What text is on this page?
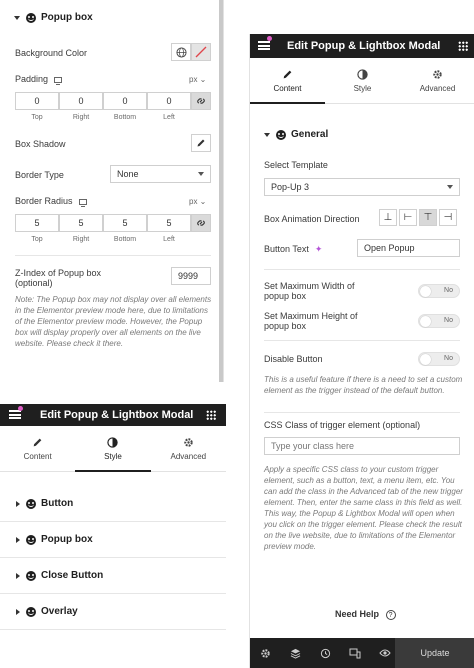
Popup box
Background Color
Padding	px ⌄
0	0	0	0
Top	Right	Bottom	Left
Box Shadow
Border Type	None
Border Radius	px ⌄
5	5	5	5
Top	Right	Bottom	Left
Z-Index of Popup box
(optional)
9999
Note: The Popup box may not display over all elements in the Elementor preview mode here, due to limitations of the Elementor preview mode. However, the Popup box will display properly over all elements on the live website. Please check it there.
Edit Popup & Lightbox Modal
Content	Style	Advanced
Button
Popup box
Close Button
Overlay
Edit Popup & Lightbox Modal
Content	Style	Advanced
General
Select Template
Pop-Up 3
Box Animation Direction ⊥ ⊢ ⊤ ⊣
Button Text ✦	Open Popup
Set Maximum Width of
popup box
No
Set Maximum Height of
popup box
No
Disable Button	No
This is a useful feature if there is a need to set a custom element as the trigger instead of the default button.
CSS Class of trigger element (optional)
Type your class here
Apply a specific CSS class to your custom trigger element, such as a button, text, a menu item, etc. You can add the class in the Advanced tab of the new trigger element. Then, enter the same class in this field as well. This way, the Popup & Lightbox Modal will open when you click on the trigger element. Please check the result on the live website, due to limitations of the Elementor preview mode.
Need Help ?
Update
